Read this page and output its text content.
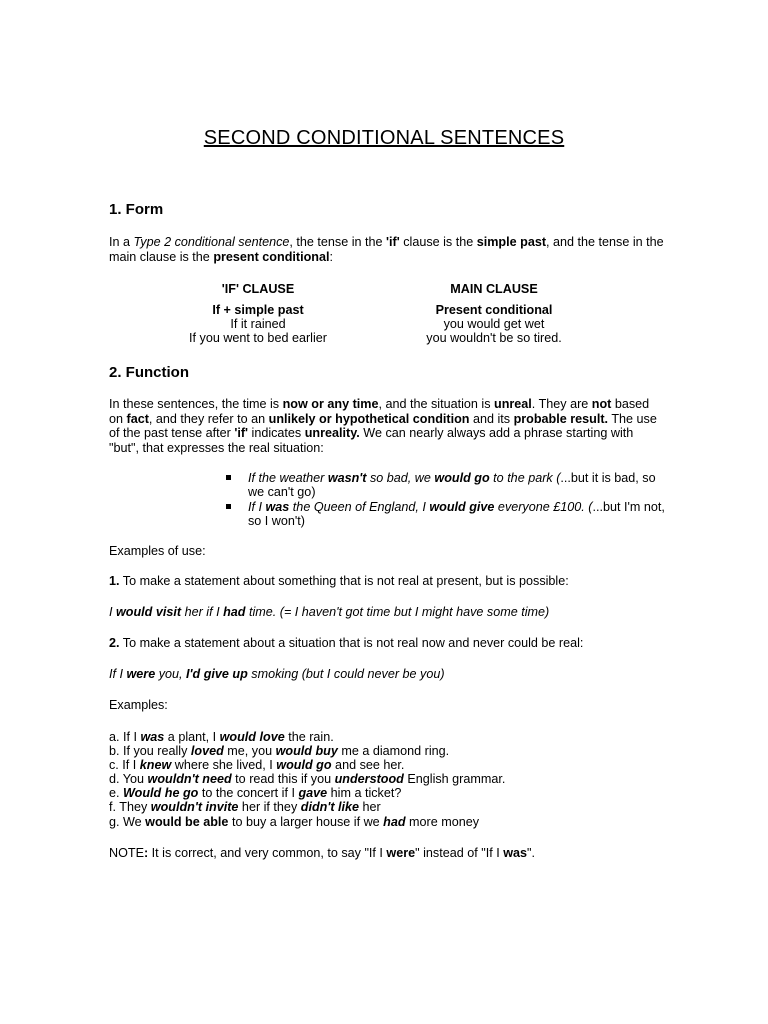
SECOND CONDITIONAL SENTENCES
1. Form

In a Type 2 conditional sentence, the tense in the 'if' clause is the simple past, and the tense in the main clause is the present conditional:

'IF' CLAUSE
If + simple past
If it rained
If you went to bed earlier
MAIN CLAUSE
Present conditional
you would get wet
you wouldn't be so tired.
2. Function

In these sentences, the time is now or any time, and the situation is unreal. They are not based on fact, and they refer to an unlikely or hypothetical condition and its probable result. The use of the past tense after 'if' indicates unreality. We can nearly always add a phrase starting with "but", that expresses the real situation:

If the weather wasn't so bad, we would go to the park (...but it is bad, so we can't go)
If I was the Queen of England, I would give everyone £100. (...but I'm not, so I won't)
Examples of use:
1. To make a statement about something that is not real at present, but is possible:
I would visit her if I had time. (= I haven't got time but I might have some time)
2. To make a statement about a situation that is not real now and never could be real:
If I were you, I'd give up smoking (but I could never be you)
Examples:
a. If I was a plant, I would love the rain.
b. If you really loved me, you would buy me a diamond ring.
c. If I knew where she lived, I would go and see her.
d. You wouldn't need to read this if you understood English grammar.
e. Would he go to the concert if I gave him a ticket?
f. They wouldn't invite her if they didn't like her
g. We would be able to buy a larger house if we had more money
NOTE: It is correct, and very common, to say "If I were" instead of "If I was".
